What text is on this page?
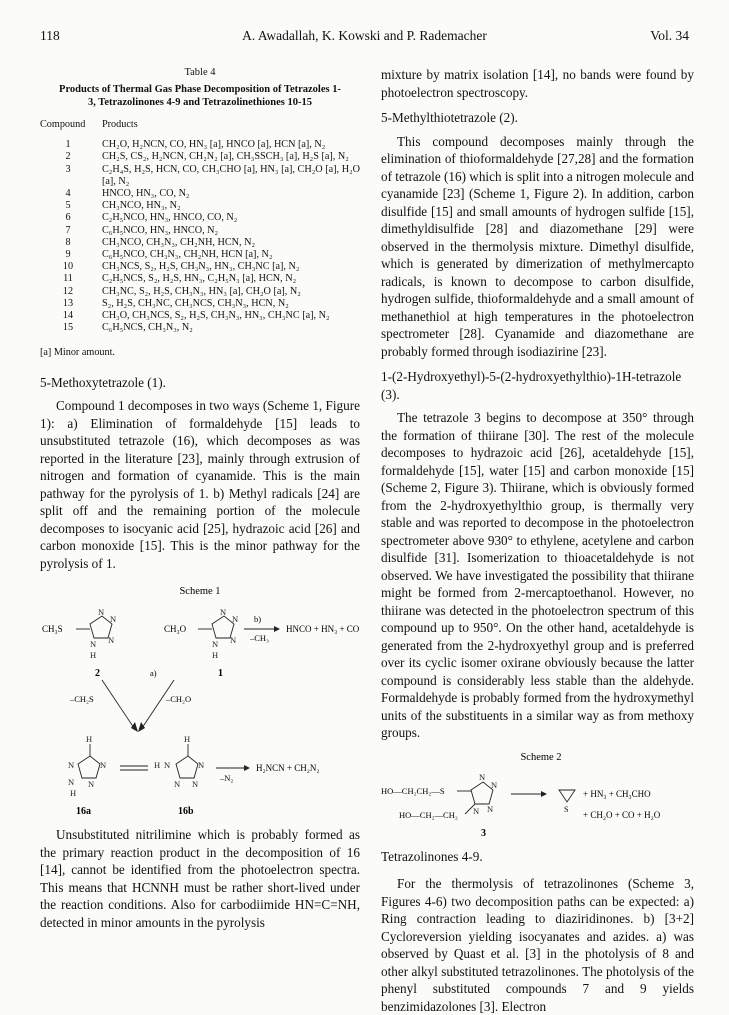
118	A. Awadallah, K. Kowski and P. Rademacher	Vol. 34
Table 4
Products of Thermal Gas Phase Decomposition of Tetrazoles 1-3, Tetrazolinones 4-9 and Tetrazolinethiones 10-15
Compound	Products
1	CH₂O, H₂NCN, CO, HN₃ [a], HNCO [a], HCN [a], N₂
2	CH₂S, CS₂, H₂NCN, CH₂N₂ [a], CH₃SSCH₃ [a], H₂S [a], N₂
3	C₂H₄S, H₂S, HCN, CO, CH₃CHO [a], HN₃ [a], CH₂O [a], H₂O [a], N₂
4	HNCO, HN₃, CO, N₂
5	CH₃NCO, HN₃, N₂
6	C₂H₅NCO, HN₃, HNCO, CO, N₂
7	C₆H₅NCO, HN₃, HNCO, N₂
8	CH₃NCO, CH₃N₃, CH₂NH, HCN, N₂
9	C₆H₅NCO, CH₃N₃, CH₂NH, HCN [a], N₂
10	CH₃NCS, S₂, H₂S, CH₃N₃, HN₃, CH₃NC [a], N₂
11	C₂H₅NCS, S₂, H₂S, HN₃, C₂H₅N₃ [a], HCN, N₂
12	CH₃NC, S₂, H₂S, CH₃N₃, HN₃ [a], CH₂O [a], N₂
13	S₂, H₂S, CH₃NC, CH₃NCS, CH₃N₃, HCN, N₂
14	CH₃O, CH₃NCS, S₂, H₂S, CH₃N₃, HN₃, CH₃NC [a], N₂
15	C₆H₅NCS, CH₃N₃, N₂
[a] Minor amount.
5-Methoxytetrazole (1).

Compound 1 decomposes in two ways (Scheme 1, Figure 1): a) Elimination of formaldehyde [15] leads to unsubstituted tetrazole (16), which decomposes as was reported in the literature [23], mainly through extrusion of nitrogen and formation of cyanamide. This is the main pathway for the pyrolysis of 1. b) Methyl radicals [24] are split off and the remaining portion of the molecule decomposes to isocyanic acid [25], hydrazoic acid [26] and carbon monoxide [15]. This is the minor pathway for the pyrolysis of 1.

Scheme 1
N
N
N
N
H
CH₃S
2
N
N
N
N
H
CH₃O
1
b)
–CH₃
HNCO + HN₃ + CO
a)
–CH₂S	–CH₂O
H
N	N
N N
H
16a
H
H N	N
N N
16b
–N₂
H₂NCN + CH₂N₂

Unsubstituted nitrilimine which is probably formed as the primary reaction product in the decomposition of 16 [14], cannot be identified from the photoelectron spectra. This means that HCNNH must be rather short-lived under the reaction conditions. Also for carbodiimide HN=C=NH, detected in minor amounts in the pyrolysis

mixture by matrix isolation [14], no bands were found by photoelectron spectroscopy.

5-Methylthiotetrazole (2).

This compound decomposes mainly through the elimination of thioformaldehyde [27,28] and the formation of tetrazole (16) which is split into a nitrogen molecule and cyanamide [23] (Scheme 1, Figure 2). In addition, carbon disulfide [15] and small amounts of hydrogen sulfide [15], dimethyldisulfide [28] and diazomethane [29] were observed in the thermolysis mixture. Dimethyl disulfide, which is generated by dimerization of methylmercapto radicals, is known to decompose to carbon disulfide, hydrogen sulfide, thioformaldehyde and a small amount of methanethiol at high temperatures in the photoelectron spectrometer [28]. Cyanamide and diazomethane are probably formed through isodiazirine [23].

1-(2-Hydroxyethyl)-5-(2-hydroxyethylthio)-1H-tetrazole (3).

The tetrazole 3 begins to decompose at 350° through the formation of thiirane [30]. The rest of the molecule decomposes to hydrazoic acid [26], acetaldehyde [15], formaldehyde [15], water [15] and carbon monoxide [15] (Scheme 2, Figure 3). Thiirane, which is obviously formed from the 2-hydroxyethylthio group, is thermally very stable and was reported to decompose in the photoelectron spectrometer above 930° to ethylene, acetylene and carbon disulfide [31]. Isomerization to thioacetaldehyde is not observed. We have investigated the possibility that thiirane might be formed from 2-mercaptoethanol. However, no thiirane was detected in the photoelectron spectrum of this compound up to 950°. On the other hand, acetaldehyde is generated from the 2-hydroxyethyl group and is preferred over its cyclic isomer oxirane obviously because the latter compound is considerably less stable than the aldehyde. Formaldehyde is probably formed from the hydroxymethyl units of the substituents in a similar way as from methoxy groups.

Scheme 2
HO—CH₂CH₂—S
N
N
N
N
HO—CH₂—CH₂
3
S
+ HN₃ + CH₃CHO
+ CH₂O + CO + H₂O
Tetrazolinones 4-9.

For the thermolysis of tetrazolinones (Scheme 3, Figures 4-6) two decomposition paths can be expected: a) Ring contraction leading to diaziridinones. b) [3+2] Cycloreversion yielding isocyanates and azides. a) was observed by Quast et al. [3] in the photolysis of 8 and other alkyl substituted tetrazolinones. The photolysis of the phenyl substituted compounds 7 and 9 yields benzimidazolones [3]. Electron
